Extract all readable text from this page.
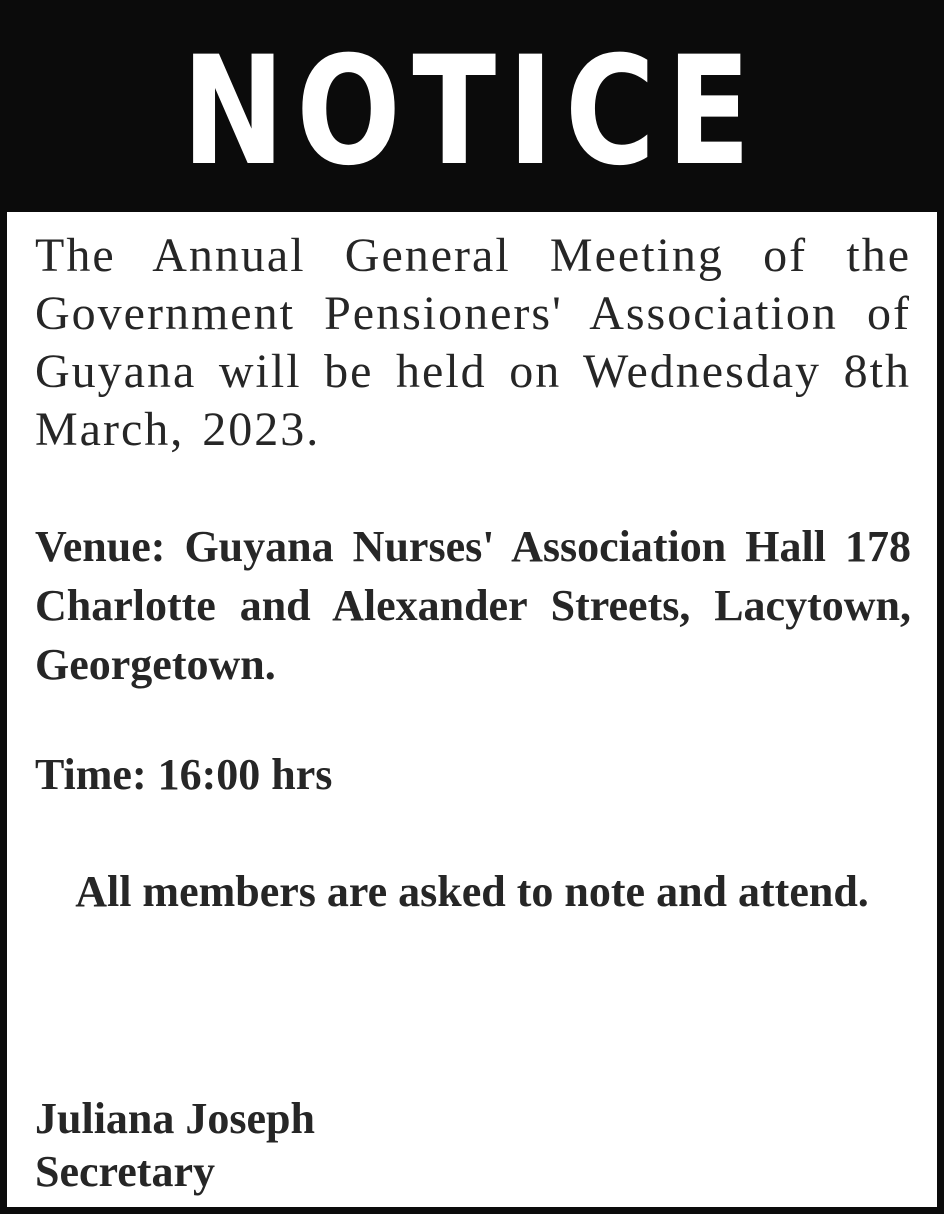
NOTICE

The Annual General Meeting of the Government Pensioners' Association of Guyana will be held on Wednesday 8th March, 2023.

Venue: Guyana Nurses' Association Hall 178 Charlotte and Alexander Streets, Lacytown, Georgetown.

Time: 16:00 hrs

All members are asked to note and attend.

Juliana Joseph

Secretary
